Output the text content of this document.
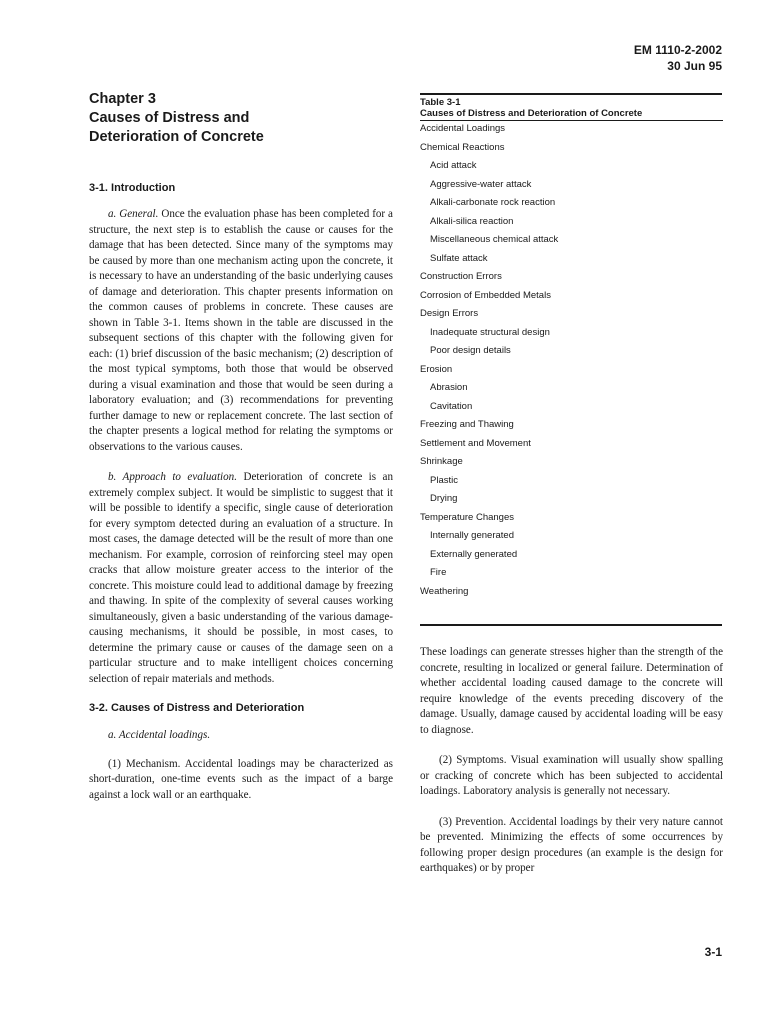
EM 1110-2-2002
30 Jun 95
Chapter 3
Causes of Distress and
Deterioration of Concrete
3-1. Introduction

a. General. Once the evaluation phase has been completed for a structure, the next step is to establish the cause or causes for the damage that has been detected. Since many of the symptoms may be caused by more than one mechanism acting upon the concrete, it is necessary to have an understanding of the basic underlying causes of damage and deterioration. This chapter presents information on the common causes of problems in concrete. These causes are shown in Table 3-1. Items shown in the table are discussed in the subsequent sections of this chapter with the following given for each: (1) brief discussion of the basic mechanism; (2) description of the most typical symptoms, both those that would be observed during a visual examination and those that would be seen during a laboratory evaluation; and (3) recommendations for preventing further damage to new or replacement concrete. The last section of the chapter presents a logical method for relating the symptoms or observations to the various causes.

b. Approach to evaluation. Deterioration of concrete is an extremely complex subject. It would be simplistic to suggest that it will be possible to identify a specific, single cause of deterioration for every symptom detected during an evaluation of a structure. In most cases, the damage detected will be the result of more than one mechanism. For example, corrosion of reinforcing steel may open cracks that allow moisture greater access to the interior of the concrete. This moisture could lead to additional damage by freezing and thawing. In spite of the complexity of several causes working simultaneously, given a basic understanding of the various damage-causing mechanisms, it should be possible, in most cases, to determine the primary cause or causes of the damage seen on a particular structure and to make intelligent choices concerning selection of repair materials and methods.

3-2. Causes of Distress and Deterioration

a. Accidental loadings.

(1) Mechanism. Accidental loadings may be characterized as short-duration, one-time events such as the impact of a barge against a lock wall or an earthquake.

Table 3-1
Causes of Distress and Deterioration of Concrete
Accidental Loadings
Chemical Reactions
Acid attack
Aggressive-water attack
Alkali-carbonate rock reaction
Alkali-silica reaction
Miscellaneous chemical attack
Sulfate attack
Construction Errors
Corrosion of Embedded Metals
Design Errors
Inadequate structural design
Poor design details
Erosion
Abrasion
Cavitation
Freezing and Thawing
Settlement and Movement
Shrinkage
Plastic
Drying
Temperature Changes
Internally generated
Externally generated
Fire
Weathering

These loadings can generate stresses higher than the strength of the concrete, resulting in localized or general failure. Determination of whether accidental loading caused damage to the concrete will require knowledge of the events preceding discovery of the damage. Usually, damage caused by accidental loading will be easy to diagnose.

(2) Symptoms. Visual examination will usually show spalling or cracking of concrete which has been subjected to accidental loadings. Laboratory analysis is generally not necessary.

(3) Prevention. Accidental loadings by their very nature cannot be prevented. Minimizing the effects of some occurrences by following proper design procedures (an example is the design for earthquakes) or by proper

3-1
